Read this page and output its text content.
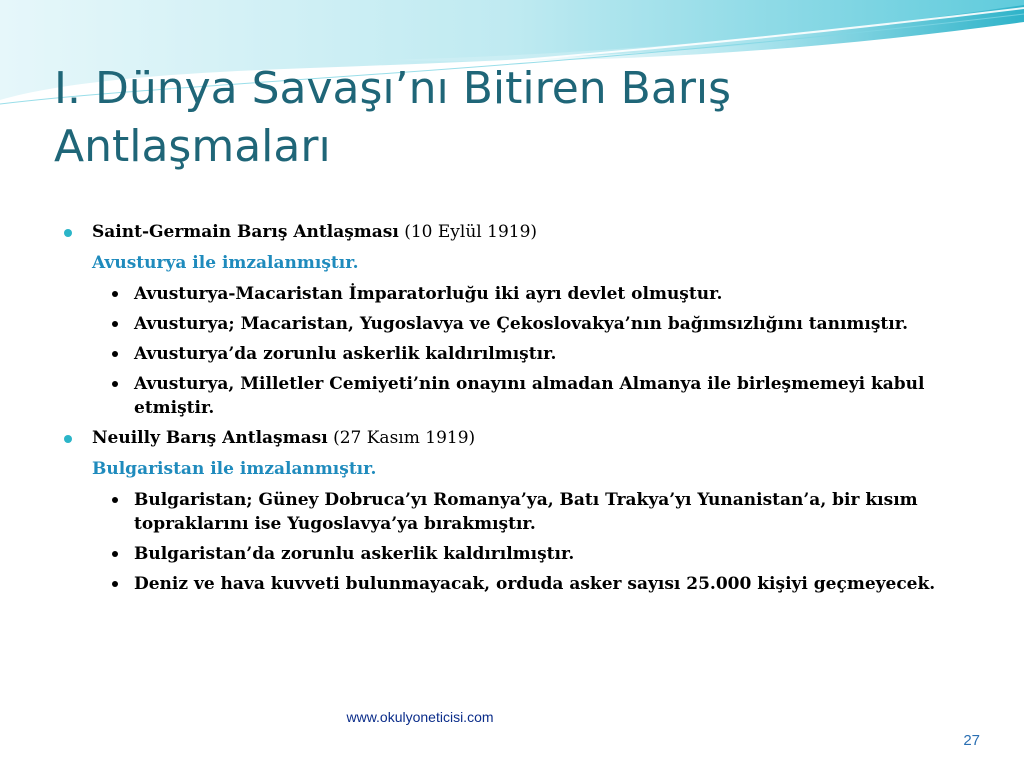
I. Dünya Savaşı’nı Bitiren Barış Antlaşmaları
Saint-Germain Barış Antlaşması (10 Eylül 1919)
Avusturya ile imzalanmıştır.
Avusturya-Macaristan İmparatorluğu iki ayrı devlet olmuştur.
Avusturya; Macaristan, Yugoslavya ve Çekoslovakya’nın bağımsızlığını tanımıştır.
Avusturya’da zorunlu askerlik kaldırılmıştır.
Avusturya, Milletler Cemiyeti’nin onayını almadan Almanya ile birleşmemeyi kabul etmiştir.
Neuilly Barış Antlaşması (27 Kasım 1919)
Bulgaristan ile imzalanmıştır.
Bulgaristan; Güney Dobruca’yı Romanya’ya, Batı Trakya’yı Yunanistan’a, bir kısım topraklarını ise Yugoslavya’ya bırakmıştır.
Bulgaristan’da zorunlu askerlik kaldırılmıştır.
Deniz ve hava kuvveti bulunmayacak, orduda asker sayısı 25.000 kişiyi geçmeyecek.
www.okulyoneticisi.com
27
